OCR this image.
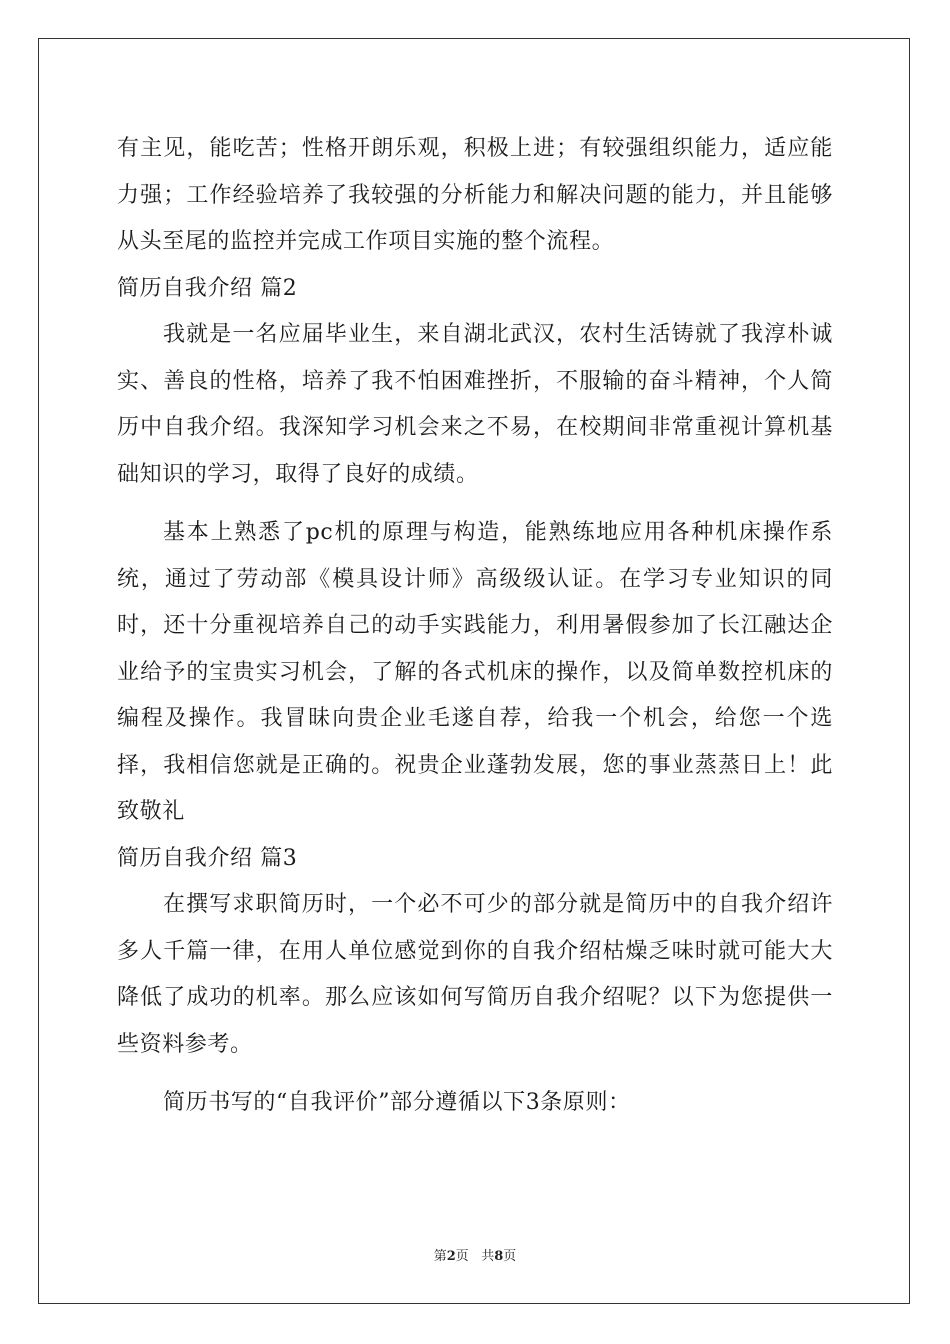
有主见，能吃苦；性格开朗乐观，积极上进；有较强组织能力，适应能力强；工作经验培养了我较强的分析能力和解决问题的能力，并且能够从头至尾的监控并完成工作项目实施的整个流程。

简历自我介绍 篇2

我就是一名应届毕业生，来自湖北武汉，农村生活铸就了我淳朴诚实、善良的性格，培养了我不怕困难挫折，不服输的奋斗精神，个人简历中自我介绍。我深知学习机会来之不易，在校期间非常重视计算机基础知识的学习，取得了良好的成绩。

基本上熟悉了pc机的原理与构造，能熟练地应用各种机床操作系统，通过了劳动部《模具设计师》高级级认证。在学习专业知识的同时，还十分重视培养自己的动手实践能力，利用暑假参加了长江融达企业给予的宝贵实习机会，了解的各式机床的操作，以及简单数控机床的编程及操作。我冒昧向贵企业毛遂自荐，给我一个机会，给您一个选择，我相信您就是正确的。祝贵企业蓬勃发展，您的事业蒸蒸日上！此致敬礼

简历自我介绍 篇3

在撰写求职简历时，一个必不可少的部分就是简历中的自我介绍许多人千篇一律，在用人单位感觉到你的自我介绍枯燥乏味时就可能大大降低了成功的机率。那么应该如何写简历自我介绍呢？以下为您提供一些资料参考。

简历书写的“自我评价”部分遵循以下3条原则：

第2页 共8页
